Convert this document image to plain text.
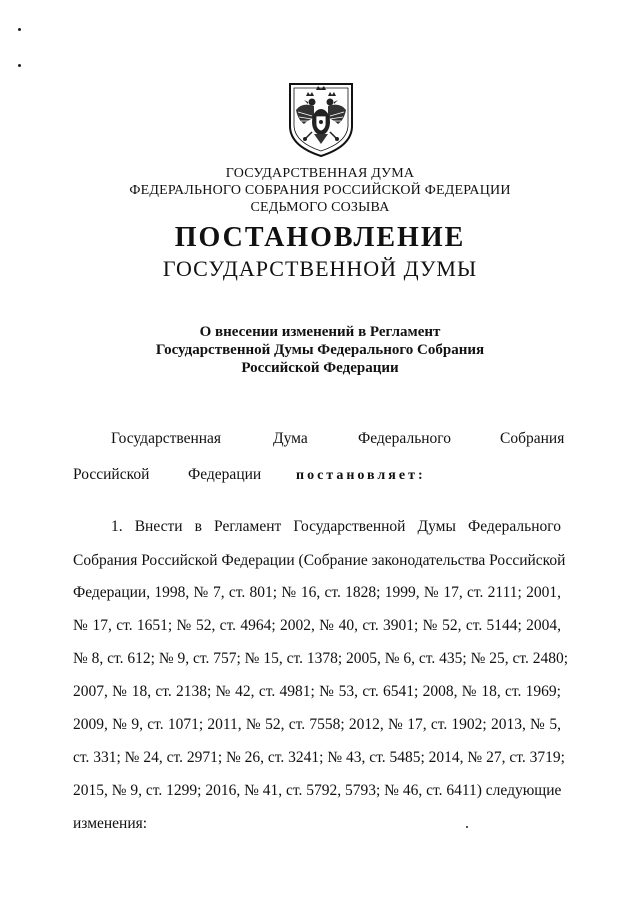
ГОСУДАРСТВЕННАЯ ДУМА
ФЕДЕРАЛЬНОГО СОБРАНИЯ РОССИЙСКОЙ ФЕДЕРАЦИИ
СЕДЬМОГО СОЗЫВА
ПОСТАНОВЛЕНИЕ
ГОСУДАРСТВЕННОЙ ДУМЫ
О внесении изменений в Регламент
Государственной Думы Федерального Собрания
Российской Федерации
Государственная	Дума	Федерального	Собрания
Российской Федерации постановляет:
1. Внести в Регламент Государственной Думы Федерального
Собрания Российской Федерации (Собрание законодательства Российской
Федерации, 1998, № 7, ст. 801; № 16, ст. 1828; 1999, № 17, ст. 2111; 2001,
№ 17, ст. 1651; № 52, ст. 4964; 2002, № 40, ст. 3901; № 52, ст. 5144; 2004,
№ 8, ст. 612; № 9, ст. 757; № 15, ст. 1378; 2005, № 6, ст. 435; № 25, ст. 2480;
2007, № 18, ст. 2138; № 42, ст. 4981; № 53, ст. 6541; 2008, № 18, ст. 1969;
2009, № 9, ст. 1071; 2011, № 52, ст. 7558; 2012, № 17, ст. 1902; 2013, № 5,
ст. 331; № 24, ст. 2971; № 26, ст. 3241; № 43, ст. 5485; 2014, № 27, ст. 3719;
2015, № 9, ст. 1299; 2016, № 41, ст. 5792, 5793; № 46, ст. 6411) следующие
изменения:
